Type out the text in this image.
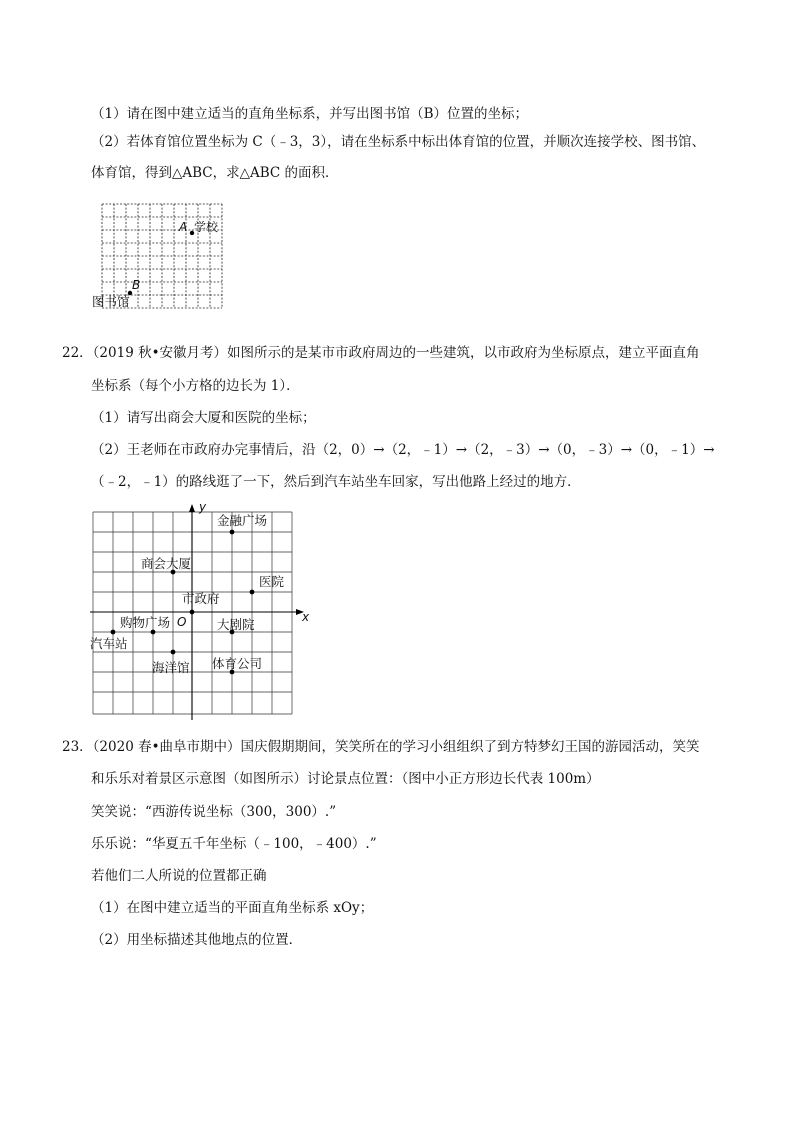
（1）请在图中建立适当的直角坐标系，并写出图书馆（B）位置的坐标；
（2）若体育馆位置坐标为 C（﹣3，3），请在坐标系中标出体育馆的位置，并顺次连接学校、图书馆、
体育馆，得到△ABC，求△ABC 的面积．
A 学校
B
图书馆
22．（2019 秋•安徽月考）如图所示的是某市市政府周边的一些建筑，以市政府为坐标原点，建立平面直角
坐标系（每个小方格的边长为 1）．
（1）请写出商会大厦和医院的坐标；
（2）王老师在市政府办完事情后，沿（2，0）→（2，﹣1）→（2，﹣3）→（0，﹣3）→（0，﹣1）→
（﹣2，﹣1）的路线逛了一下，然后到汽车站坐车回家，写出他路上经过的地方．
y
x
O
金融广场
商会大厦
医院
市政府
购物广场	大剧院
汽车站
海洋馆 体育公司
23．（2020 春•曲阜市期中）国庆假期期间，笑笑所在的学习小组组织了到方特梦幻王国的游园活动，笑笑
和乐乐对着景区示意图（如图所示）讨论景点位置：（图中小正方形边长代表 100m）
笑笑说：“西游传说坐标（300，300）.”
乐乐说：“华夏五千年坐标（﹣100，﹣400）.”
若他们二人所说的位置都正确
（1）在图中建立适当的平面直角坐标系 xOy；
（2）用坐标描述其他地点的位置．
